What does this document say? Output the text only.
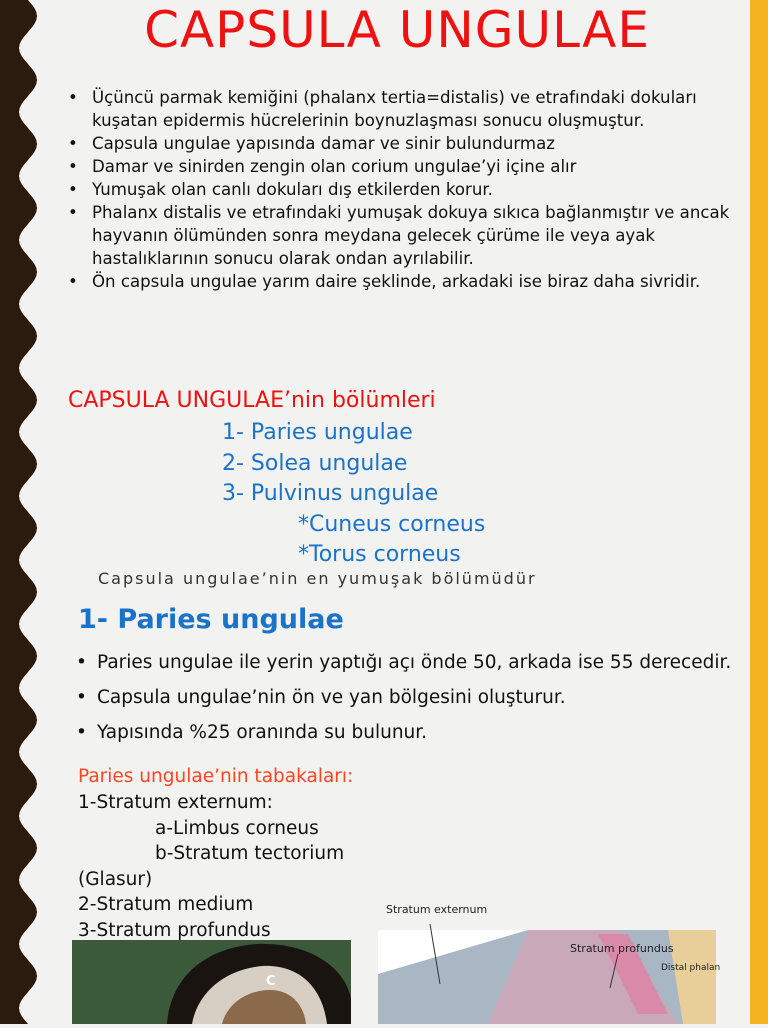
CAPSULA UNGULAE
• Üçüncü parmak kemiğini (phalanx tertia=distalis) ve etrafındaki dokuları kuşatan epidermis hücrelerinin boynuzlaşması sonucu oluşmuştur.
• Capsula ungulae yapısında damar ve sinir bulundurmaz
• Damar ve sinirden zengin olan corium ungulae’yi içine alır
• Yumuşak olan canlı dokuları dış etkilerden korur.
• Phalanx distalis ve etrafındaki yumuşak dokuya sıkıca bağlanmıştır ve ancak hayvanın ölümünden sonra meydana gelecek çürüme ile veya ayak hastalıklarının sonucu olarak ondan ayrılabilir.
• Ön capsula ungulae yarım daire şeklinde, arkadaki ise biraz daha sivridir.
CAPSULA UNGULAE’nin bölümleri
1- Paries ungulae
2- Solea ungulae
3- Pulvinus ungulae
*Cuneus corneus
*Torus corneus
Capsula ungulae’nin en yumuşak bölümüdür
1- Paries ungulae
• Paries ungulae ile yerin yaptığı açı önde 50, arkada ise 55 derecedir.
• Capsula ungulae’nin ön ve yan bölgesini oluşturur.
• Yapısında %25 oranında su bulunur.
Paries ungulae’nin tabakaları:
1-Stratum externum:
a-Limbus corneus
b-Stratum tectorium
(Glasur)
2-Stratum medium
3-Stratum profundus
C
Stratum externum
Stratum profundus
Distal phalan
